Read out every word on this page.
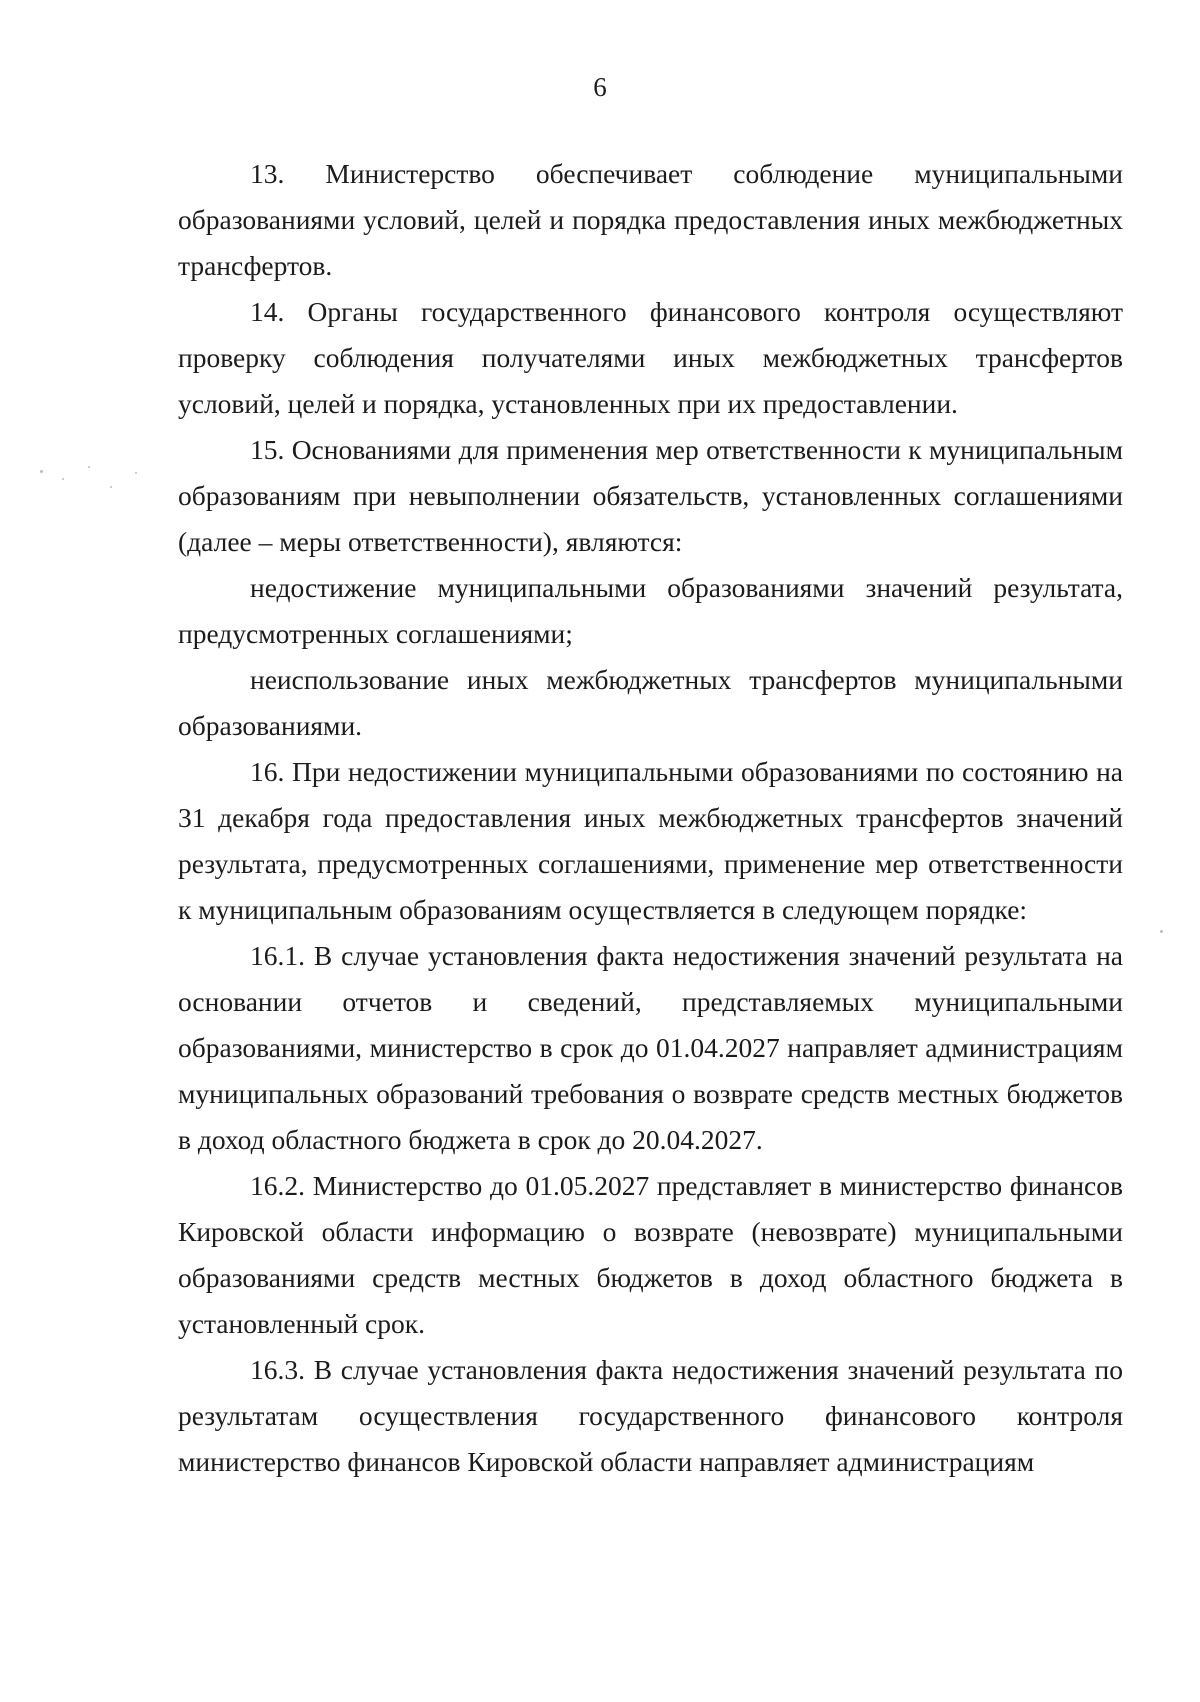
6

13. Министерство обеспечивает соблюдение муниципальными образованиями условий, целей и порядка предоставления иных межбюджетных трансфертов.

14. Органы государственного финансового контроля осуществляют проверку соблюдения получателями иных межбюджетных трансфертов условий, целей и порядка, установленных при их предоставлении.

15. Основаниями для применения мер ответственности к муниципальным образованиям при невыполнении обязательств, установленных соглашениями (далее – меры ответственности), являются:

недостижение муниципальными образованиями значений результата, предусмотренных соглашениями;

неиспользование иных межбюджетных трансфертов муниципальными образованиями.

16. При недостижении муниципальными образованиями по состоянию на 31 декабря года предоставления иных межбюджетных трансфертов значений результата, предусмотренных соглашениями, применение мер ответственности к муниципальным образованиям осуществляется в следующем порядке:

16.1. В случае установления факта недостижения значений результата на основании отчетов и сведений, представляемых муниципальными образованиями, министерство в срок до 01.04.2027 направляет администрациям муниципальных образований требования о возврате средств местных бюджетов в доход областного бюджета в срок до 20.04.2027.

16.2. Министерство до 01.05.2027 представляет в министерство финансов Кировской области информацию о возврате (невозврате) муниципальными образованиями средств местных бюджетов в доход областного бюджета в установленный срок.

16.3. В случае установления факта недостижения значений результата по результатам осуществления государственного финансового контроля министерство финансов Кировской области направляет администрациям
